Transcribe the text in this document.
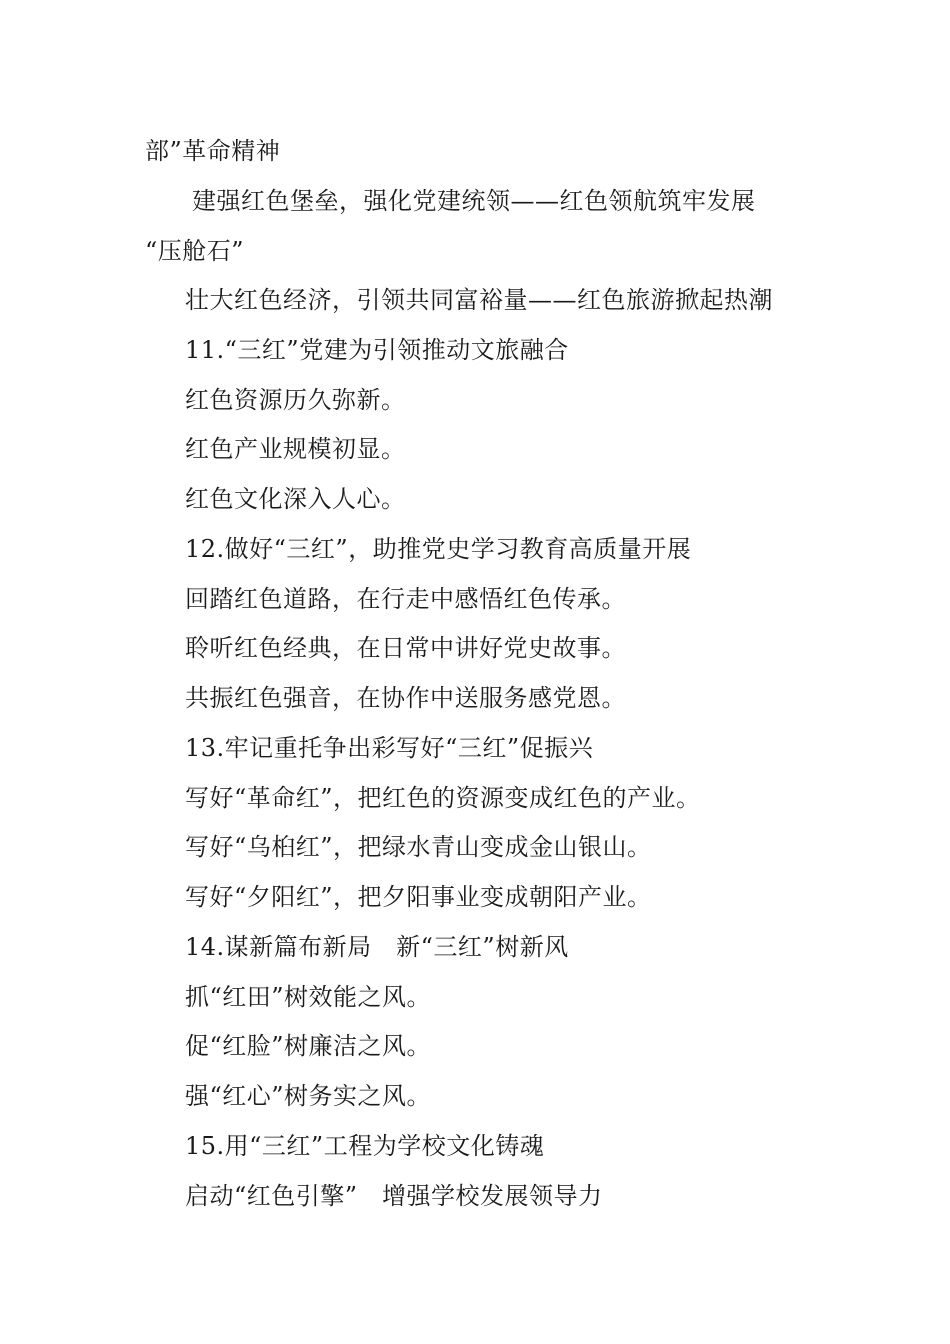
部”革命精神
建强红色堡垒，强化党建统领——红色领航筑牢发展
“压舱石”
壮大红色经济，引领共同富裕量——红色旅游掀起热潮
11.“三红”党建为引领推动文旅融合
红色资源历久弥新。
红色产业规模初显。
红色文化深入人心。
12.做好“三红”，助推党史学习教育高质量开展
回踏红色道路，在行走中感悟红色传承。
聆听红色经典，在日常中讲好党史故事。
共振红色强音，在协作中送服务感党恩。
13.牢记重托争出彩写好“三红”促振兴
写好“革命红”，把红色的资源变成红色的产业。
写好“乌桕红”，把绿水青山变成金山银山。
写好“夕阳红”，把夕阳事业变成朝阳产业。
14.谋新篇布新局　新“三红”树新风
抓“红田”树效能之风。
促“红脸”树廉洁之风。
强“红心”树务实之风。
15.用“三红”工程为学校文化铸魂
启动“红色引擎”　增强学校发展领导力
